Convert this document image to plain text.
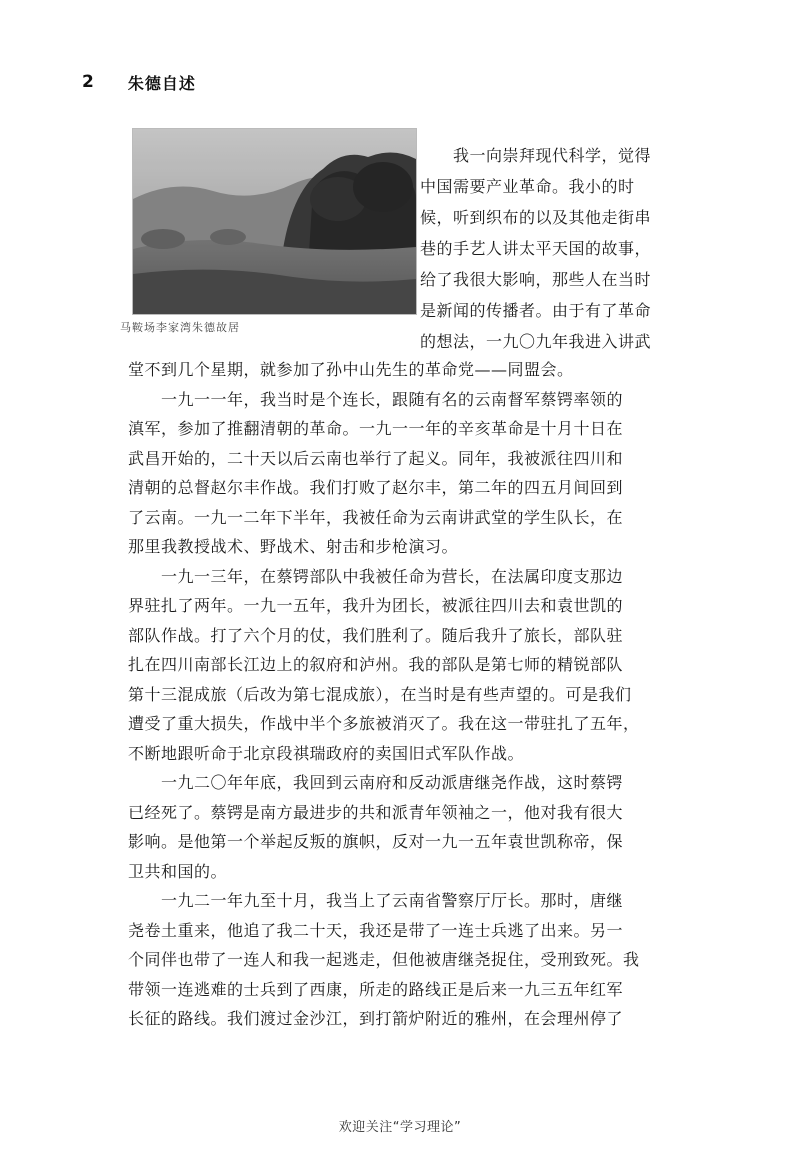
2 朱德自述
马鞍场李家湾朱德故居
我一向崇拜现代科学，觉得
中国需要产业革命。我小的时
候，听到织布的以及其他走街串
巷的手艺人讲太平天国的故事，
给了我很大影响，那些人在当时
是新闻的传播者。由于有了革命
的想法，一九〇九年我进入讲武
堂不到几个星期，就参加了孙中山先生的革命党——同盟会。
一九一一年，我当时是个连长，跟随有名的云南督军蔡锷率领的
滇军，参加了推翻清朝的革命。一九一一年的辛亥革命是十月十日在
武昌开始的，二十天以后云南也举行了起义。同年，我被派往四川和
清朝的总督赵尔丰作战。我们打败了赵尔丰，第二年的四五月间回到
了云南。一九一二年下半年，我被任命为云南讲武堂的学生队长，在
那里我教授战术、野战术、射击和步枪演习。
一九一三年，在蔡锷部队中我被任命为营长，在法属印度支那边
界驻扎了两年。一九一五年，我升为团长，被派往四川去和袁世凯的
部队作战。打了六个月的仗，我们胜利了。随后我升了旅长，部队驻
扎在四川南部长江边上的叙府和泸州。我的部队是第七师的精锐部队
第十三混成旅（后改为第七混成旅），在当时是有些声望的。可是我们
遭受了重大损失，作战中半个多旅被消灭了。我在这一带驻扎了五年，
不断地跟听命于北京段祺瑞政府的卖国旧式军队作战。
一九二〇年年底，我回到云南府和反动派唐继尧作战，这时蔡锷
已经死了。蔡锷是南方最进步的共和派青年领袖之一，他对我有很大
影响。是他第一个举起反叛的旗帜，反对一九一五年袁世凯称帝，保
卫共和国的。
一九二一年九至十月，我当上了云南省警察厅厅长。那时，唐继
尧卷土重来，他追了我二十天，我还是带了一连士兵逃了出来。另一
个同伴也带了一连人和我一起逃走，但他被唐继尧捉住，受刑致死。我
带领一连逃难的士兵到了西康，所走的路线正是后来一九三五年红军
长征的路线。我们渡过金沙江，到打箭炉附近的雅州，在会理州停了
欢迎关注“学习理论”
